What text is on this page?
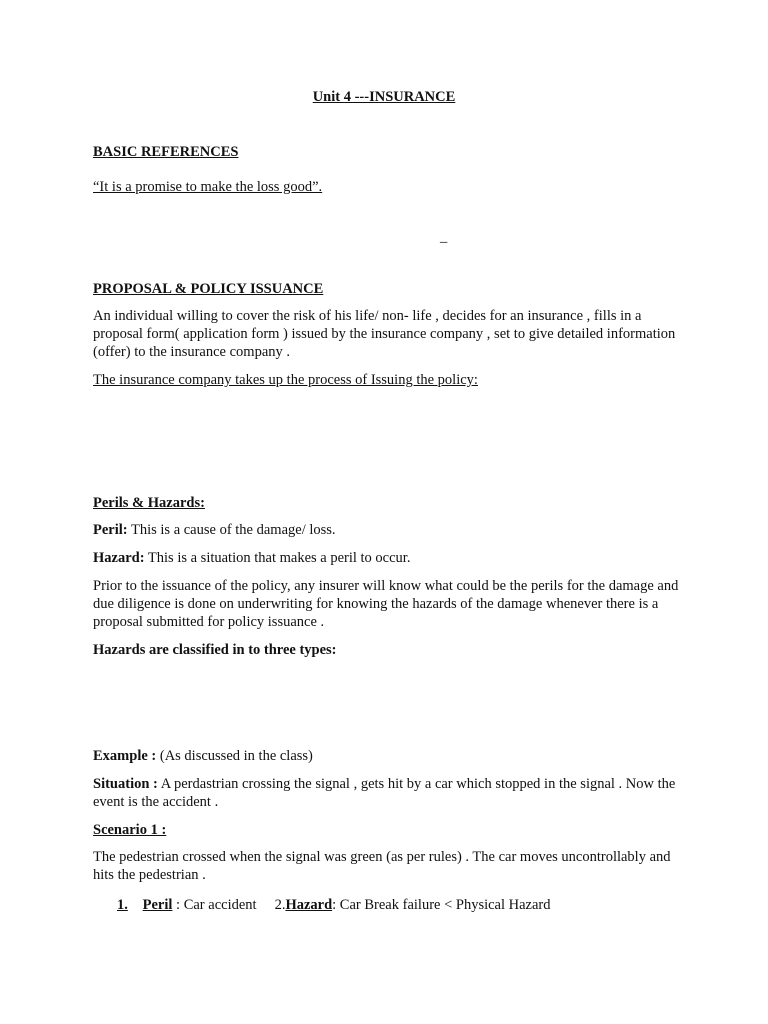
Unit 4 ---INSURANCE

BASIC REFERENCES

“It is a promise to make the loss good”.

_

PROPOSAL & POLICY ISSUANCE

An individual willing to cover the risk of his life/ non- life , decides for an insurance , fills in a proposal form( application form ) issued by the insurance company , set to give detailed information (offer) to the insurance company .

The insurance company takes up the process of Issuing the policy:

Perils & Hazards:

Peril: This is a cause of the damage/ loss.

Hazard: This is a situation that makes a peril to occur.

Prior to the issuance of the policy, any insurer will know what could be the perils for the damage and due diligence is done on underwriting for knowing the hazards of the damage whenever there is a proposal submitted for policy issuance .

Hazards are classified in to three types:

Example : (As discussed in the class)

Situation : A perdastrian crossing the signal , gets hit by a car which stopped in the signal . Now the event is the accident .

Scenario 1 :

The pedestrian crossed when the signal was green (as per rules) . The car moves uncontrollably and hits the pedestrian .

1. Peril : Car accident 2.Hazard: Car Break failure < Physical Hazard
